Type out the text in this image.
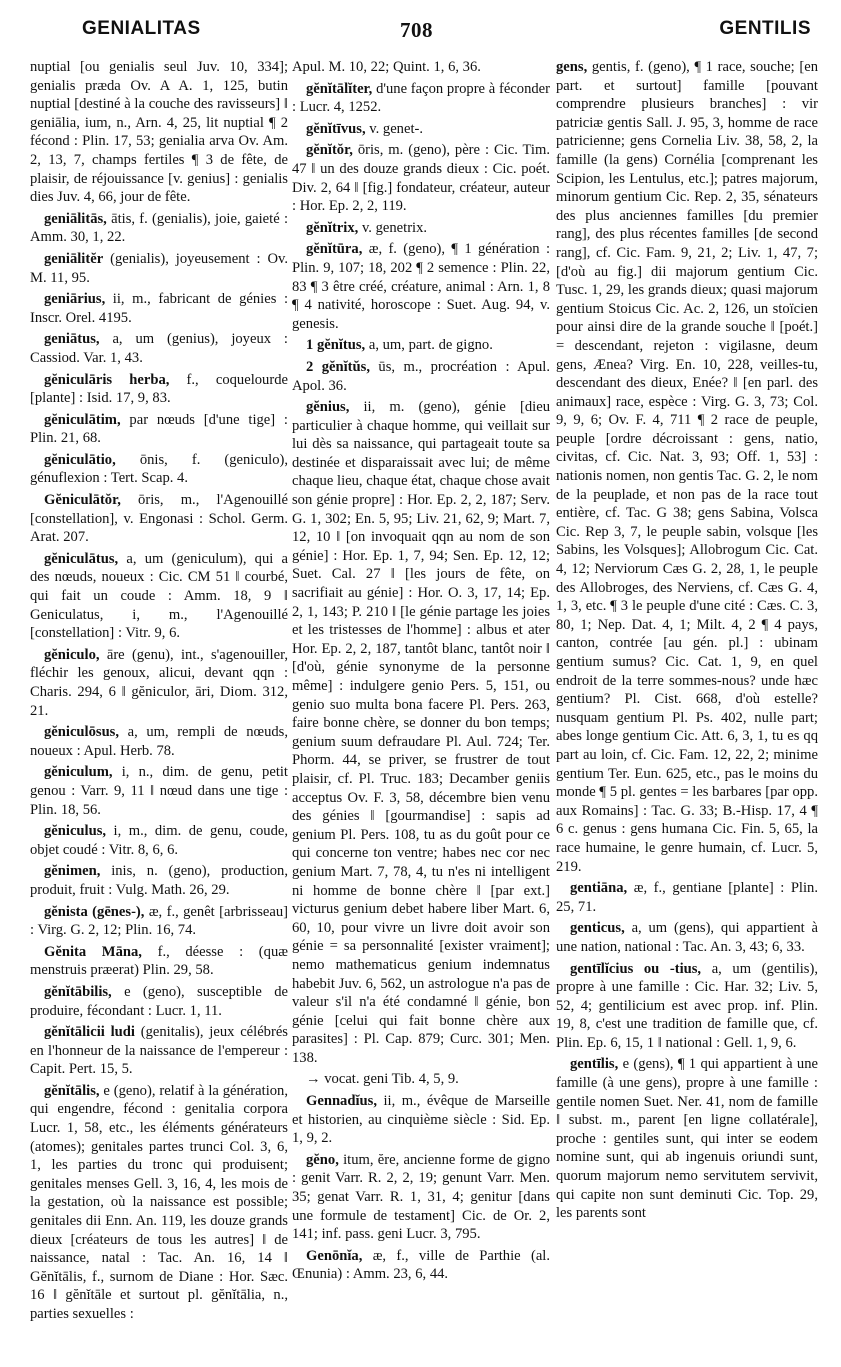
GENIALITAS	708	GENTILIS

nuptial [ou genialis seul Juv. 10, 334]; genialis præda Ov. A A. 1, 125, butin nuptial [destiné à la couche des ravisseurs] ‖ geniālia, ium, n., Arn. 4, 25, lit nuptial ¶ 2 fécond : Plin. 17, 53; genialia arva Ov. Am. 2, 13, 7, champs fertiles ¶ 3 de fête, de plaisir, de réjouissance [v. genius] : genialis dies Juv. 4, 66, jour de fête.

geniālitās, ātis, f. (genialis), joie, gaieté : Amm. 30, 1, 22.

geniālitĕr (genialis), joyeusement : Ov. M. 11, 95.

geniārius, ii, m., fabricant de génies : Inscr. Orel. 4195.

geniātus, a, um (genius), joyeux : Cassiod. Var. 1, 43.

gĕniculāris herba, f., coquelourde [plante] : Isid. 17, 9, 83.

gĕniculātim, par nœuds [d'une tige] : Plin. 21, 68.

gĕniculātio, ōnis, f. (geniculo), génuflexion : Tert. Scap. 4.

Gĕniculātŏr, ōris, m., l'Agenouillé [constellation], v. Engonasi : Schol. Germ. Arat. 207.

gĕniculātus, a, um (geniculum), qui a des nœuds, noueux : Cic. CM 51 ‖ courbé, qui fait un coude : Amm. 18, 9 ‖ Geniculatus, i, m., l'Agenouillé [constellation] : Vitr. 9, 6.

gĕniculo, āre (genu), int., s'agenouiller, fléchir les genoux, alicui, devant qqn : Charis. 294, 6 ‖ gĕniculor, āri, Diom. 312, 21.

gĕniculōsus, a, um, rempli de nœuds, noueux : Apul. Herb. 78.

gĕniculum, i, n., dim. de genu, petit genou : Varr. 9, 11 ‖ nœud dans une tige : Plin. 18, 56.

gĕniculus, i, m., dim. de genu, coude, objet coudé : Vitr. 8, 6, 6.

gĕnimen, inis, n. (geno), production, produit, fruit : Vulg. Math. 26, 29.

gĕnista (gēnes-), æ, f., genêt [arbrisseau] : Virg. G. 2, 12; Plin. 16, 74.

Gĕnita Māna, f., déesse : (quæ menstruis præerat) Plin. 29, 58.

gĕnĭtābilis, e (geno), susceptible de produire, fécondant : Lucr. 1, 11.

gĕnĭtālicii ludi (genitalis), jeux célébrés en l'honneur de la naissance de l'empereur : Capit. Pert. 15, 5.

gĕnĭtālis, e (geno), relatif à la génération, qui engendre, fécond : genitalia corpora Lucr. 1, 58, etc., les éléments générateurs (atomes); genitales partes trunci Col. 3, 6, 1, les parties du tronc qui produisent; genitales menses Gell. 3, 16, 4, les mois de la gestation, où la naissance est possible; genitales dii Enn. An. 119, les douze grands dieux [créateurs de tous les autres] ‖ de naissance, natal : Tac. An. 16, 14 ‖ Gĕnĭtālis, f., surnom de Diane : Hor. Sæc. 16 ‖ gĕnĭtāle et surtout pl. gĕnĭtālia, n., parties sexuelles :

Apul. M. 10, 22; Quint. 1, 6, 36.

gĕnĭtālĭter, d'une façon propre à féconder : Lucr. 4, 1252.

gĕnĭtīvus, v. genet-.

gĕnĭtŏr, ōris, m. (geno), père : Cic. Tim. 47 ‖ un des douze grands dieux : Cic. poét. Div. 2, 64 ‖ [fig.] fondateur, créateur, auteur : Hor. Ep. 2, 2, 119.

gĕnĭtrix, v. genetrix.

gĕnĭtūra, æ, f. (geno), ¶ 1 génération : Plin. 9, 107; 18, 202 ¶ 2 semence : Plin. 22, 83 ¶ 3 être créé, créature, animal : Arn. 1, 8 ¶ 4 nativité, horoscope : Suet. Aug. 94, v. genesis.

1 gĕnĭtus, a, um, part. de gigno.

2 gĕnĭtŭs, ūs, m., procréation : Apul. Apol. 36.

gĕnius, ii, m. (geno), génie [dieu particulier à chaque homme, qui veillait sur lui dès sa naissance, qui partageait toute sa destinée et disparaissait avec lui; de même chaque lieu, chaque état, chaque chose avait son génie propre] : Hor. Ep. 2, 2, 187; Serv. G. 1, 302; En. 5, 95; Liv. 21, 62, 9; Mart. 7, 12, 10 ‖ [on invoquait qqn au nom de son génie] : Hor. Ep. 1, 7, 94; Sen. Ep. 12, 12; Suet. Cal. 27 ‖ [les jours de fête, on sacrifiait au génie] : Hor. O. 3, 17, 14; Ep. 2, 1, 143; P. 210 ‖ [le génie partage les joies et les tristesses de l'homme] : albus et ater Hor. Ep. 2, 2, 187, tantôt blanc, tantôt noir ‖ [d'où, génie synonyme de la personne même] : indulgere genio Pers. 5, 151, ou genio suo multa bona facere Pl. Pers. 263, faire bonne chère, se donner du bon temps; genium suum defraudare Pl. Aul. 724; Ter. Phorm. 44, se priver, se frustrer de tout plaisir, cf. Pl. Truc. 183; Decamber geniis acceptus Ov. F. 3, 58, décembre bien venu des génies ‖ [gourmandise] : sapis ad genium Pl. Pers. 108, tu as du goût pour ce qui concerne ton ventre; habes nec cor nec genium Mart. 7, 78, 4, tu n'es ni intelligent ni homme de bonne chère ‖ [par ext.] victurus genium debet habere liber Mart. 6, 60, 10, pour vivre un livre doit avoir son génie = sa personnalité [exister vraiment]; nemo mathematicus genium indemnatus habebit Juv. 6, 562, un astrologue n'a pas de valeur s'il n'a été condamné ‖ génie, bon génie [celui qui fait bonne chère aux parasites] : Pl. Cap. 879; Curc. 301; Men. 138.

→ vocat. geni Tib. 4, 5, 9.

Gennadĭus, ii, m., évêque de Marseille et historien, au cinquième siècle : Sid. Ep. 1, 9, 2.

gĕno, itum, ĕre, ancienne forme de gigno : genit Varr. R. 2, 2, 19; genunt Varr. Men. 35; genat Varr. R. 1, 31, 4; genitur [dans une formule de testament] Cic. de Or. 2, 141; inf. pass. geni Lucr. 3, 795.

Genōnĭa, æ, f., ville de Parthie (al. Œnunia) : Amm. 23, 6, 44.

gens, gentis, f. (geno), ¶ 1 race, souche; [en part. et surtout] famille [pouvant comprendre plusieurs branches] : vir patriciæ gentis Sall. J. 95, 3, homme de race patricienne; gens Cornelia Liv. 38, 58, 2, la famille (la gens) Cornélia [comprenant les Scipion, les Lentulus, etc.]; patres majorum, minorum gentium Cic. Rep. 2, 35, sénateurs des plus anciennes familles [du premier rang], des plus récentes familles [de second rang], cf. Cic. Fam. 9, 21, 2; Liv. 1, 47, 7; [d'où au fig.] dii majorum gentium Cic. Tusc. 1, 29, les grands dieux; quasi majorum gentium Stoicus Cic. Ac. 2, 126, un stoïcien pour ainsi dire de la grande souche ‖ [poét.] = descendant, rejeton : vigilasne, deum gens, Ænea? Virg. En. 10, 228, veilles-tu, descendant des dieux, Enée? ‖ [en parl. des animaux] race, espèce : Virg. G. 3, 73; Col. 9, 9, 6; Ov. F. 4, 711 ¶ 2 race de peuple, peuple [ordre décroissant : gens, natio, civitas, cf. Cic. Nat. 3, 93; Off. 1, 53] : nationis nomen, non gentis Tac. G. 2, le nom de la peuplade, et non pas de la race tout entière, cf. Tac. G 38; gens Sabina, Volsca Cic. Rep 3, 7, le peuple sabin, volsque [les Sabins, les Volsques]; Allobrogum Cic. Cat. 4, 12; Nerviorum Cæs G. 2, 28, 1, le peuple des Allobroges, des Nerviens, cf. Cæs G. 4, 1, 3, etc. ¶ 3 le peuple d'une cité : Cæs. C. 3, 80, 1; Nep. Dat. 4, 1; Milt. 4, 2 ¶ 4 pays, canton, contrée [au gén. pl.] : ubinam gentium sumus? Cic. Cat. 1, 9, en quel endroit de la terre sommes-nous? unde hæc gentium? Pl. Cist. 668, d'où estelle? nusquam gentium Pl. Ps. 402, nulle part; abes longe gentium Cic. Att. 6, 3, 1, tu es qq part au loin, cf. Cic. Fam. 12, 22, 2; minime gentium Ter. Eun. 625, etc., pas le moins du monde ¶ 5 pl. gentes = les barbares [par opp. aux Romains] : Tac. G. 33; B.-Hisp. 17, 4 ¶ 6 c. genus : gens humana Cic. Fin. 5, 65, la race humaine, le genre humain, cf. Lucr. 5, 219.

gentiāna, æ, f., gentiane [plante] : Plin. 25, 71.

genticus, a, um (gens), qui appartient à une nation, national : Tac. An. 3, 43; 6, 33.

gentīlĭcius ou -tius, a, um (gentilis), propre à une famille : Cic. Har. 32; Liv. 5, 52, 4; gentilicium est avec prop. inf. Plin. 19, 8, c'est une tradition de famille que, cf. Plin. Ep. 6, 15, 1 ‖ national : Gell. 1, 9, 6.

gentīlis, e (gens), ¶ 1 qui appartient à une famille (à une gens), propre à une famille : gentile nomen Suet. Ner. 41, nom de famille ‖ subst. m., parent [en ligne collatérale], proche : gentiles sunt, qui inter se eodem nomine sunt, qui ab ingenuis oriundi sunt, quorum majorum nemo servitutem servivit, qui capite non sunt deminuti Cic. Top. 29, les parents sont
